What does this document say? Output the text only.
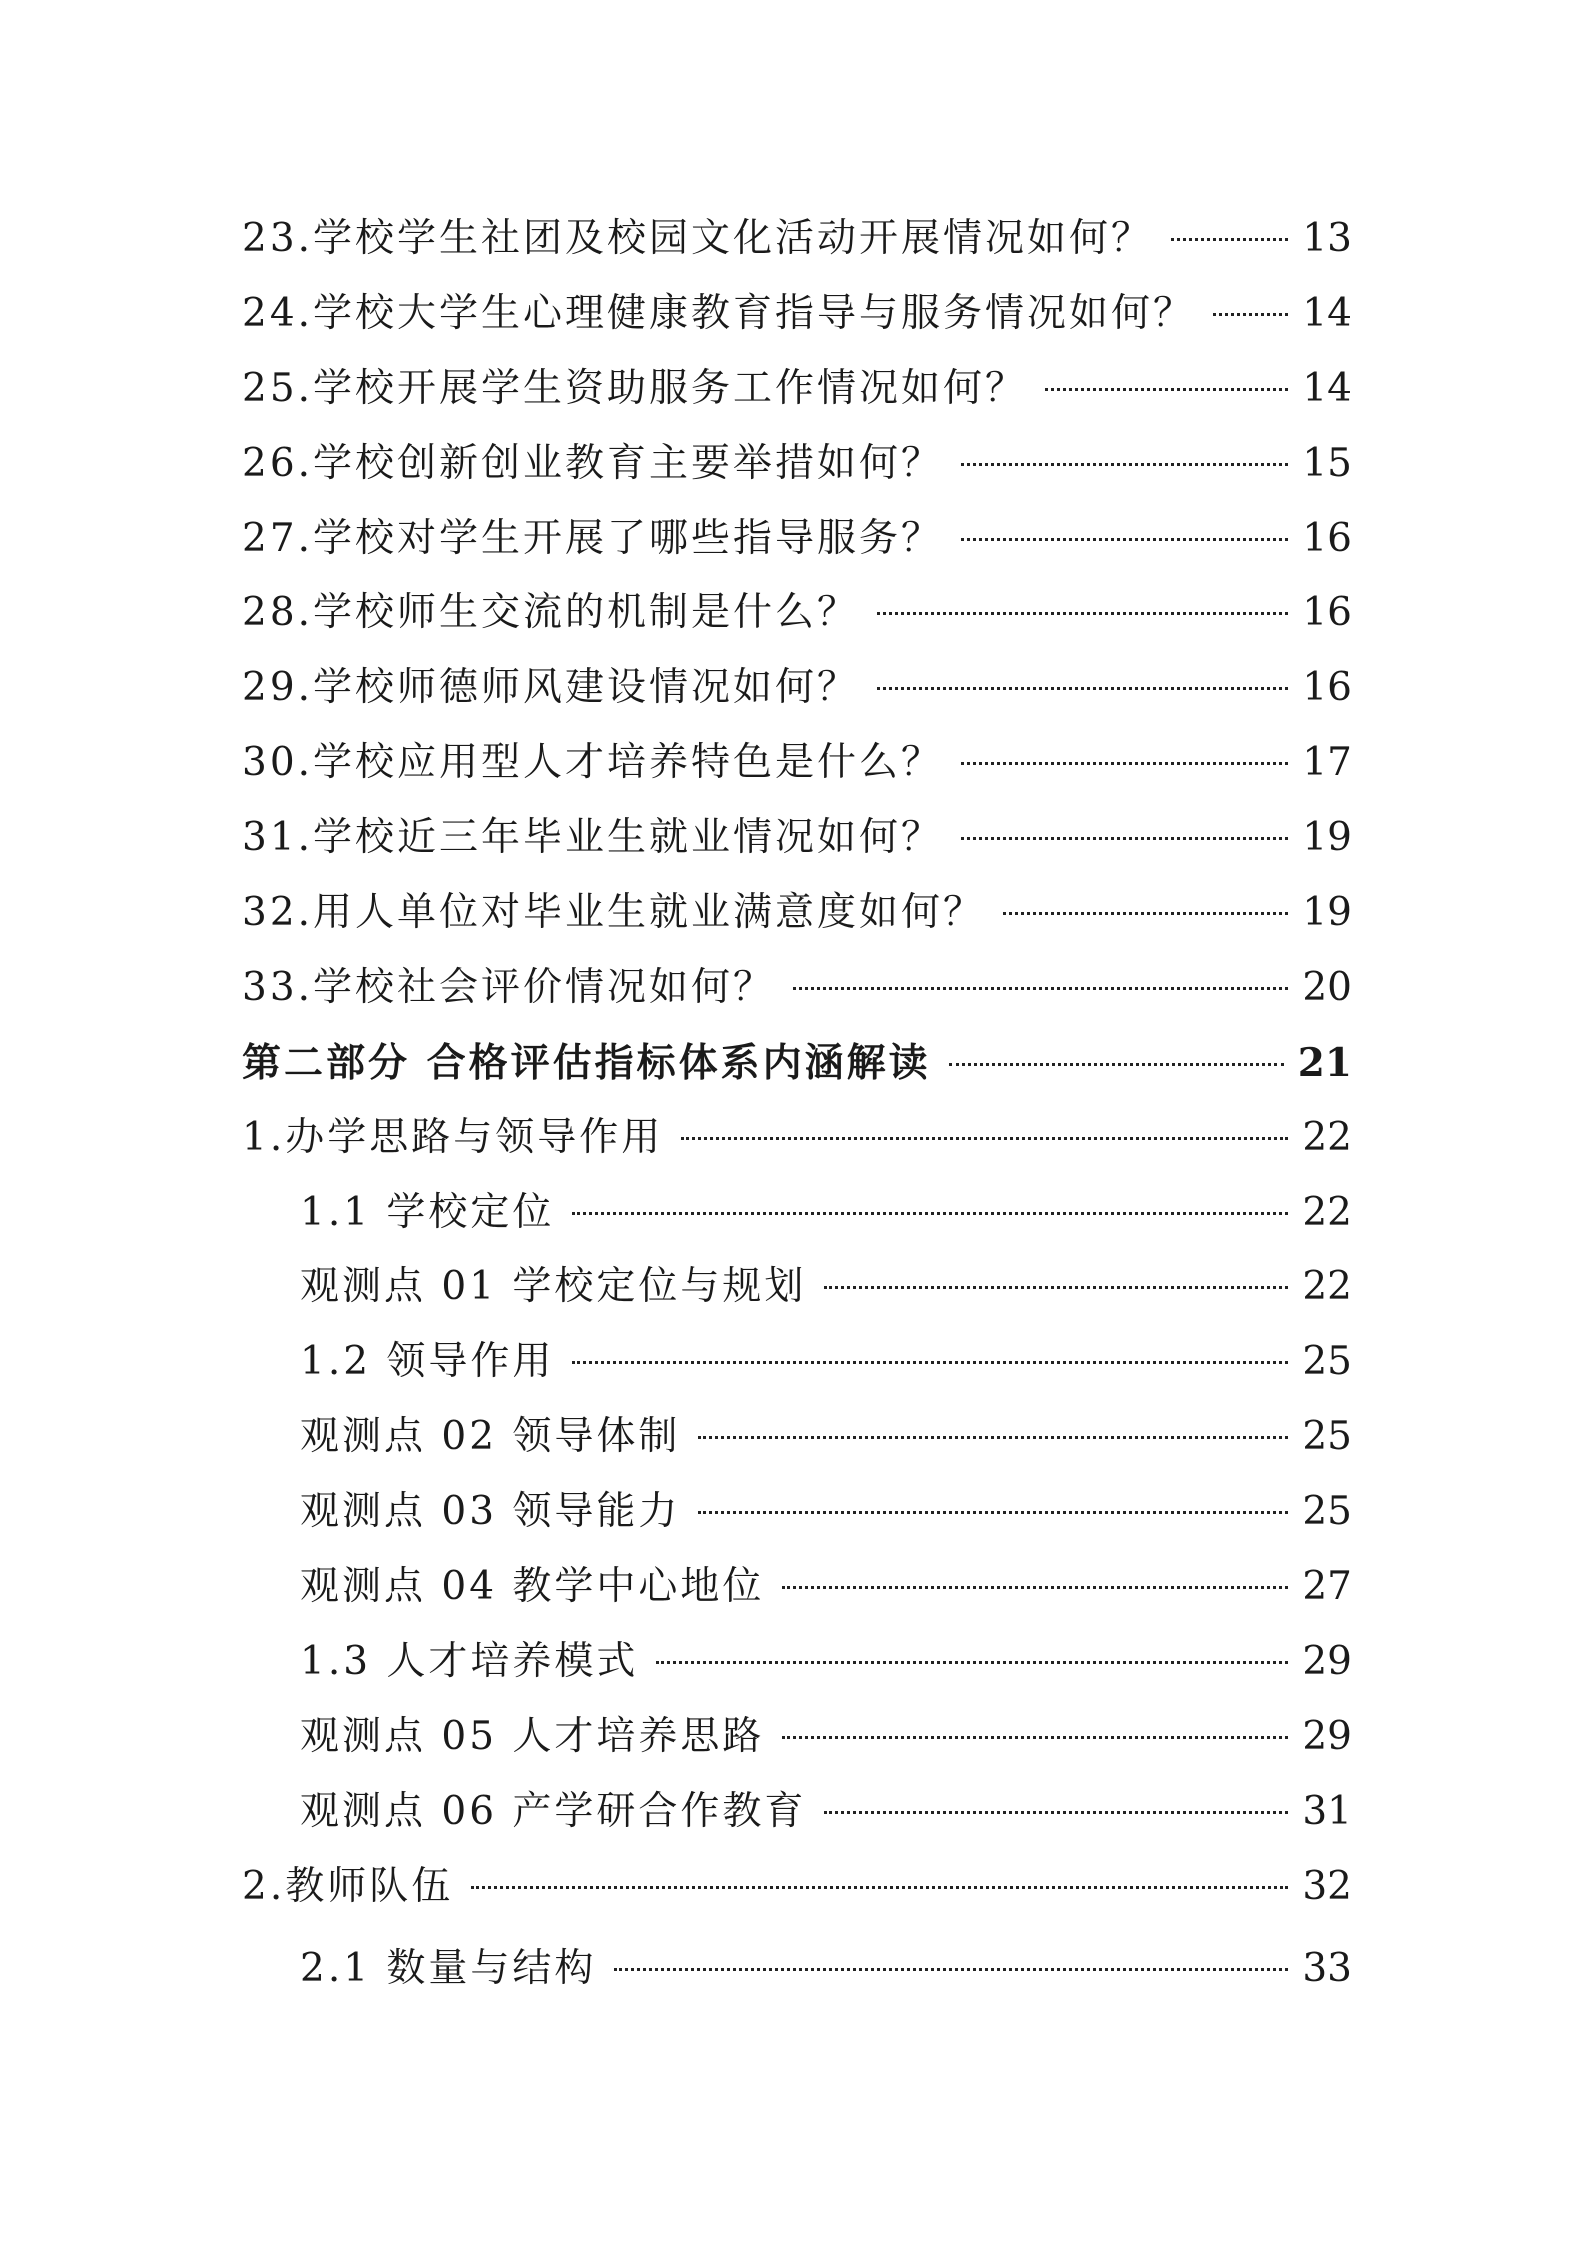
23.学校学生社团及校园文化活动开展情况如何？	13
24.学校大学生心理健康教育指导与服务情况如何？	14
25.学校开展学生资助服务工作情况如何？	14
26.学校创新创业教育主要举措如何？	15
27.学校对学生开展了哪些指导服务？	16
28.学校师生交流的机制是什么？	16
29.学校师德师风建设情况如何？	16
30.学校应用型人才培养特色是什么？	17
31.学校近三年毕业生就业情况如何？	19
32.用人单位对毕业生就业满意度如何？	19
33.学校社会评价情况如何？	20
第二部分 合格评估指标体系内涵解读	21
1.办学思路与领导作用	22
1.1 学校定位	22
观测点 01 学校定位与规划	22
1.2 领导作用	25
观测点 02 领导体制	25
观测点 03 领导能力	25
观测点 04 教学中心地位	27
1.3 人才培养模式	29
观测点 05 人才培养思路	29
观测点 06 产学研合作教育	31
2.教师队伍	32
2.1 数量与结构	33
